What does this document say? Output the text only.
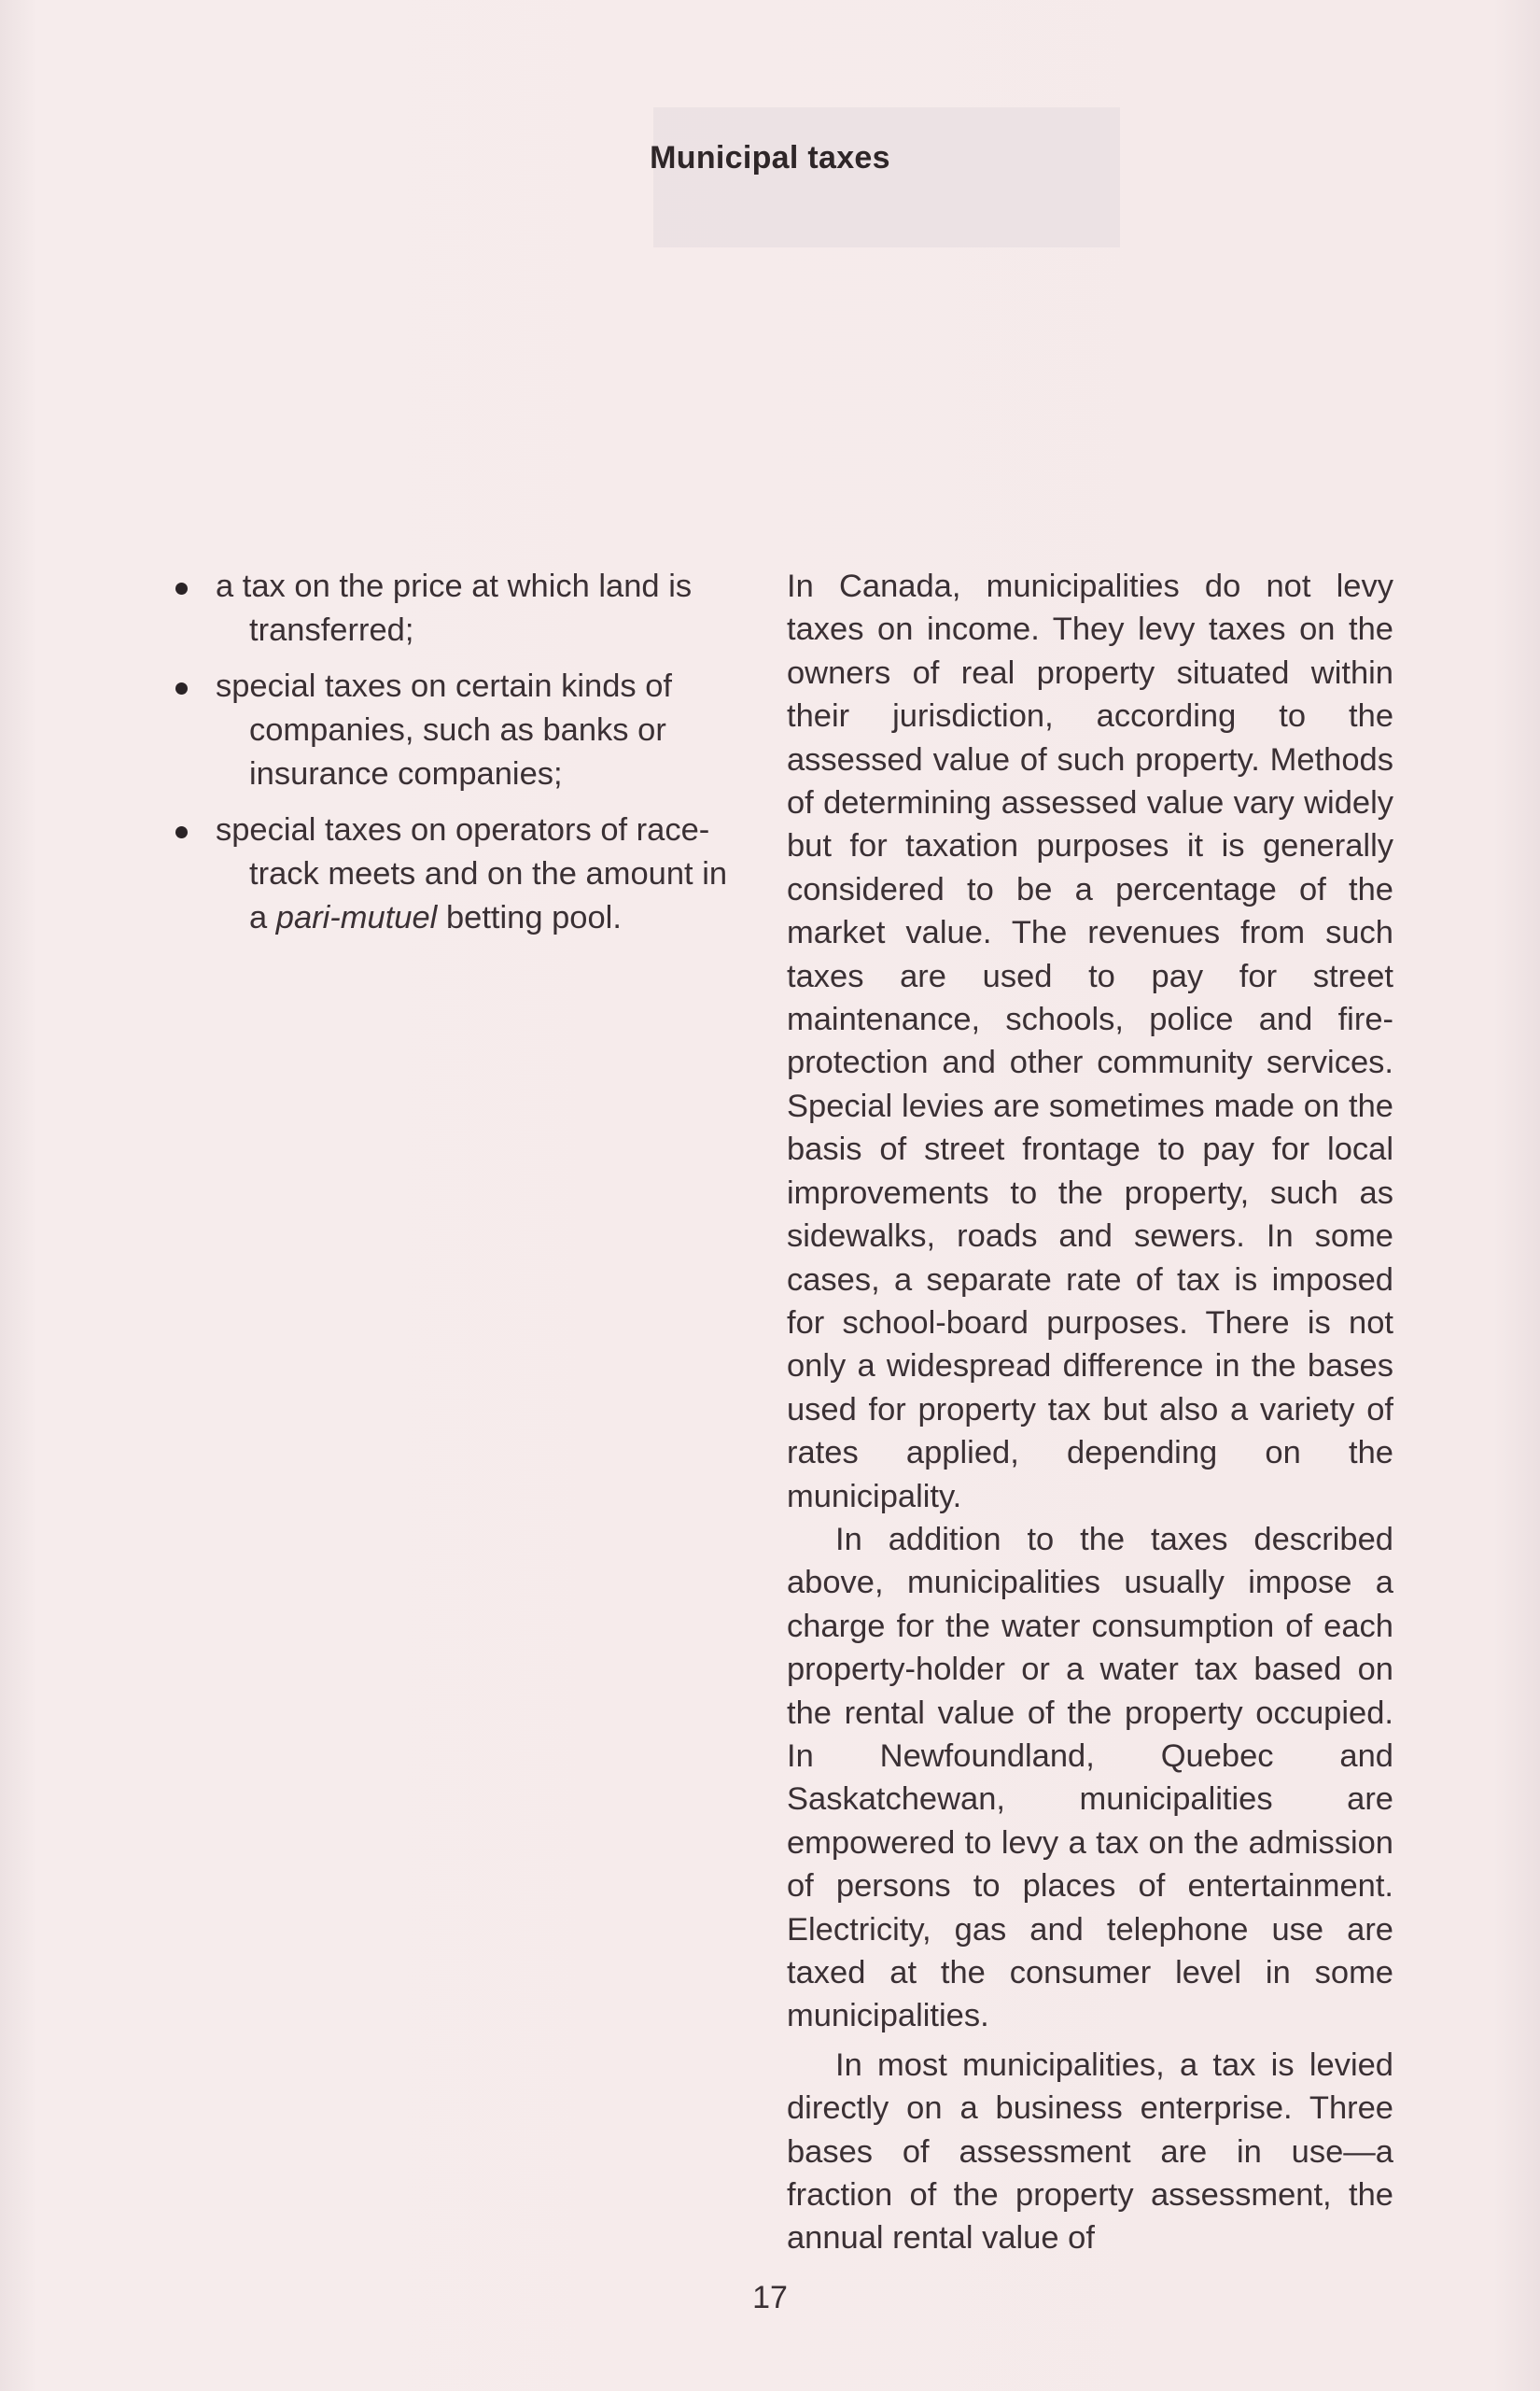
Municipal taxes
a tax on the price at which land is transferred;
special taxes on certain kinds of companies, such as banks or insurance companies;
special taxes on operators of race-track meets and on the amount in a pari-mutuel betting pool.

In Canada, municipalities do not levy taxes on income. They levy taxes on the owners of real property situated within their jurisdiction, according to the assessed value of such property. Methods of determining assessed value vary widely but for taxation purposes it is generally considered to be a percentage of the market value. The revenues from such taxes are used to pay for street maintenance, schools, police and fire-protection and other community services. Special levies are sometimes made on the basis of street frontage to pay for local improvements to the property, such as sidewalks, roads and sewers. In some cases, a separate rate of tax is imposed for school-board purposes. There is not only a widespread difference in the bases used for property tax but also a variety of rates applied, depending on the municipality.

In addition to the taxes described above, municipalities usually impose a charge for the water consumption of each property-holder or a water tax based on the rental value of the property occupied. In Newfoundland, Quebec and Saskatchewan, municipalities are empowered to levy a tax on the admission of persons to places of entertainment. Electricity, gas and telephone use are taxed at the consumer level in some municipalities.

In most municipalities, a tax is levied directly on a business enterprise. Three bases of assessment are in use—a fraction of the property assessment, the annual rental value of

17
